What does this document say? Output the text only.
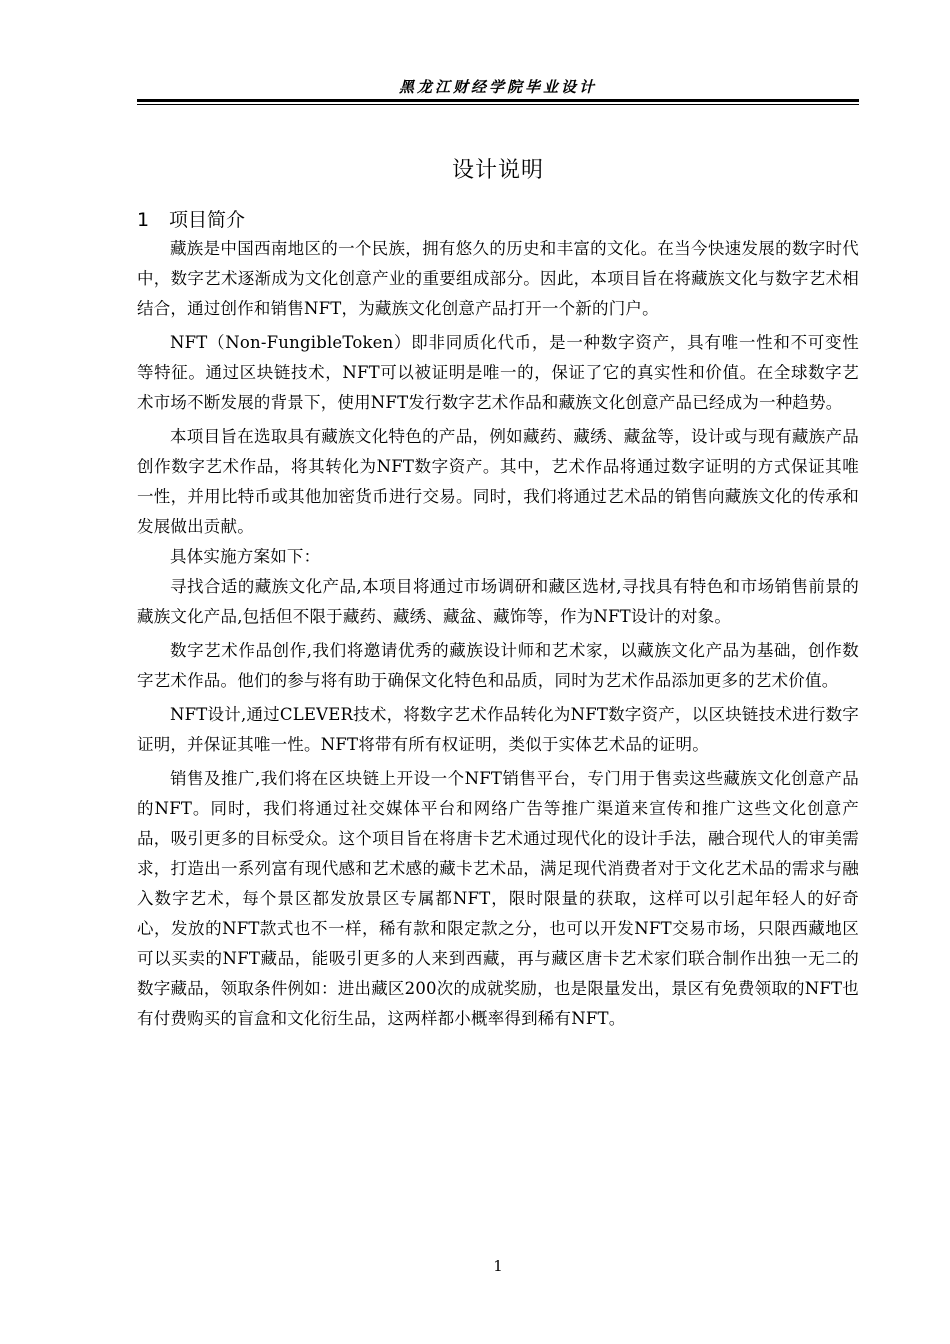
黑龙江财经学院毕业设计
设计说明
1 项目简介

藏族是中国西南地区的一个民族，拥有悠久的历史和丰富的文化。在当今快速发展的数字时代中，数字艺术逐渐成为文化创意产业的重要组成部分。因此，本项目旨在将藏族文化与数字艺术相结合，通过创作和销售NFT，为藏族文化创意产品打开一个新的门户。

NFT（Non-FungibleToken）即非同质化代币，是一种数字资产，具有唯一性和不可变性等特征。通过区块链技术，NFT可以被证明是唯一的，保证了它的真实性和价值。在全球数字艺术市场不断发展的背景下，使用NFT发行数字艺术作品和藏族文化创意产品已经成为一种趋势。

本项目旨在选取具有藏族文化特色的产品，例如藏药、藏绣、藏盆等，设计或与现有藏族产品创作数字艺术作品，将其转化为NFT数字资产。其中，艺术作品将通过数字证明的方式保证其唯一性，并用比特币或其他加密货币进行交易。同时，我们将通过艺术品的销售向藏族文化的传承和发展做出贡献。

具体实施方案如下：

寻找合适的藏族文化产品,本项目将通过市场调研和藏区选材,寻找具有特色和市场销售前景的藏族文化产品,包括但不限于藏药、藏绣、藏盆、藏饰等，作为NFT设计的对象。

数字艺术作品创作,我们将邀请优秀的藏族设计师和艺术家，以藏族文化产品为基础，创作数字艺术作品。他们的参与将有助于确保文化特色和品质，同时为艺术作品添加更多的艺术价值。

NFT设计,通过CLEVER技术，将数字艺术作品转化为NFT数字资产，以区块链技术进行数字证明，并保证其唯一性。NFT将带有所有权证明，类似于实体艺术品的证明。

销售及推广,我们将在区块链上开设一个NFT销售平台，专门用于售卖这些藏族文化创意产品的NFT。同时，我们将通过社交媒体平台和网络广告等推广渠道来宣传和推广这些文化创意产品，吸引更多的目标受众。这个项目旨在将唐卡艺术通过现代化的设计手法，融合现代人的审美需求，打造出一系列富有现代感和艺术感的藏卡艺术品，满足现代消费者对于文化艺术品的需求与融入数字艺术，每个景区都发放景区专属都NFT，限时限量的获取，这样可以引起年轻人的好奇心，发放的NFT款式也不一样，稀有款和限定款之分，也可以开发NFT交易市场，只限西藏地区可以买卖的NFT藏品，能吸引更多的人来到西藏，再与藏区唐卡艺术家们联合制作出独一无二的数字藏品，领取条件例如：进出藏区200次的成就奖励，也是限量发出，景区有免费领取的NFT也有付费购买的盲盒和文化衍生品，这两样都小概率得到稀有NFT。

1
